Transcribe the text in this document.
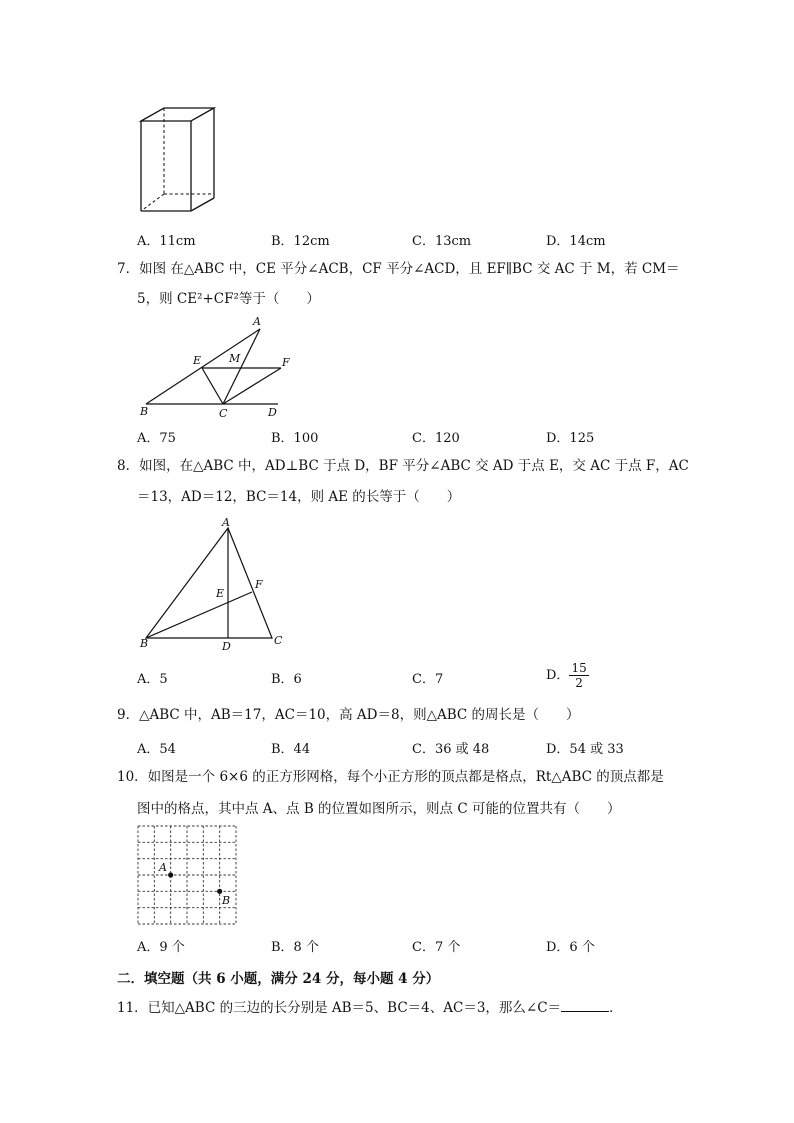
A．11cm	B．12cm	C．13cm	D．14cm
7．如图 在△ABC 中，CE 平分∠ACB，CF 平分∠ACD，且 EF∥BC 交 AC 于 M，若 CM＝
5，则 CE²+CF²等于（　　）
A
E	M	F
B	C	D
A．75	B．100	C．120	D．125
8．如图，在△ABC 中，AD⊥BC 于点 D，BF 平分∠ABC 交 AD 于点 E，交 AC 于点 F，AC
＝13，AD＝12，BC＝14，则 AE 的长等于（　　）
A
E
F
B	D	C
A．5	B．6	C．7	D． $\frac{15}{2}$
9．△ABC 中，AB＝17，AC＝10，高 AD＝8，则△ABC 的周长是（　　）
A．54	B．44	C．36 或 48	D．54 或 33
10．如图是一个 6×6 的正方形网格，每个小正方形的顶点都是格点，Rt△ABC 的顶点都是
图中的格点，其中点 A、点 B 的位置如图所示，则点 C 可能的位置共有（　　）
A
B
A．9 个	B．8 个	C．7 个	D．6 个
二．填空题（共 6 小题，满分 24 分，每小题 4 分）
11．已知△ABC 的三边的长分别是 AB＝5、BC＝4、AC＝3，那么∠C＝	．
